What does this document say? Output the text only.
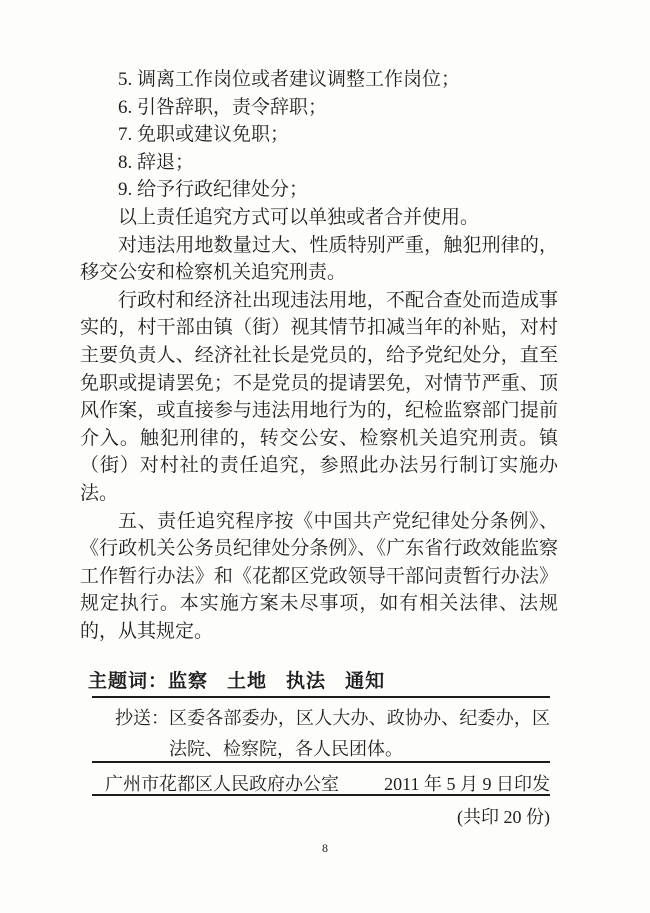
5. 调离工作岗位或者建议调整工作岗位；
6. 引咎辞职，责令辞职；
7. 免职或建议免职；
8. 辞退；
9. 给予行政纪律处分；

以上责任追究方式可以单独或者合并使用。

对违法用地数量过大、性质特别严重，触犯刑律的，移交公安和检察机关追究刑责。

行政村和经济社出现违法用地，不配合查处而造成事实的，村干部由镇（街）视其情节扣减当年的补贴，对村主要负责人、经济社社长是党员的，给予党纪处分，直至免职或提请罢免；不是党员的提请罢免，对情节严重、顶风作案，或直接参与违法用地行为的，纪检监察部门提前介入。触犯刑律的，转交公安、检察机关追究刑责。镇（街）对村社的责任追究，参照此办法另行制订实施办法。

五、责任追究程序按《中国共产党纪律处分条例》、《行政机关公务员纪律处分条例》、《广东省行政效能监察工作暂行办法》和《花都区党政领导干部问责暂行办法》规定执行。本实施方案未尽事项，如有相关法律、法规的，从其规定。

主题词：监察 土地 执法 通知
抄送： 区委各部委办，区人大办、政协办、纪委办，区法院、检察院，各人民团体。
广州市花都区人民政府办公室	2011 年 5 月 9 日印发
(共印 20 份)
8
